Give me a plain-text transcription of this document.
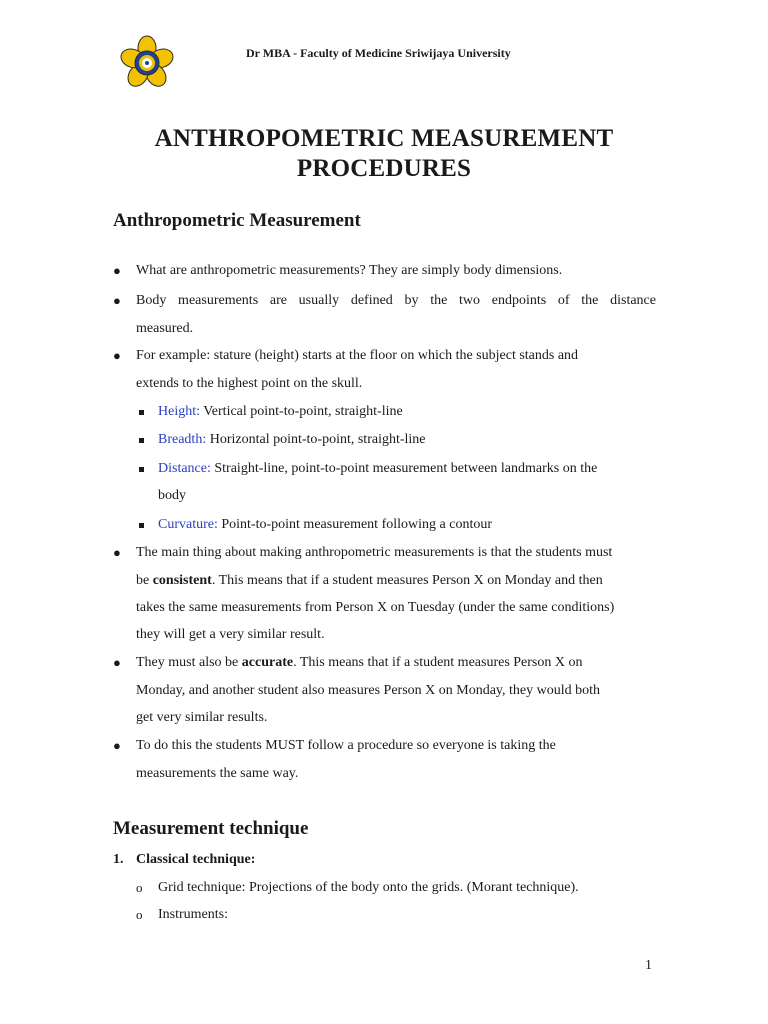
Dr MBA - Faculty of Medicine Sriwijaya University
ANTHROPOMETRIC MEASUREMENT
PROCEDURES
Anthropometric Measurement
● What are anthropometric measurements? They are simply body dimensions.
● Body measurements are usually defined by the two endpoints of the distance
measured.
● For example: stature (height) starts at the floor on which the subject stands and
extends to the highest point on the skull.
Height: Vertical point-to-point, straight-line
Breadth: Horizontal point-to-point, straight-line
Distance: Straight-line, point-to-point measurement between landmarks on the
body
Curvature: Point-to-point measurement following a contour
● The main thing about making anthropometric measurements is that the students must
be consistent. This means that if a student measures Person X on Monday and then
takes the same measurements from Person X on Tuesday (under the same conditions)
they will get a very similar result.
● They must also be accurate. This means that if a student measures Person X on
Monday, and another student also measures Person X on Monday, they would both
get very similar results.
● To do this the students MUST follow a procedure so everyone is taking the
measurements the same way.
Measurement technique
1. Classical technique:
o Grid technique: Projections of the body onto the grids. (Morant technique).
o Instruments:
1
